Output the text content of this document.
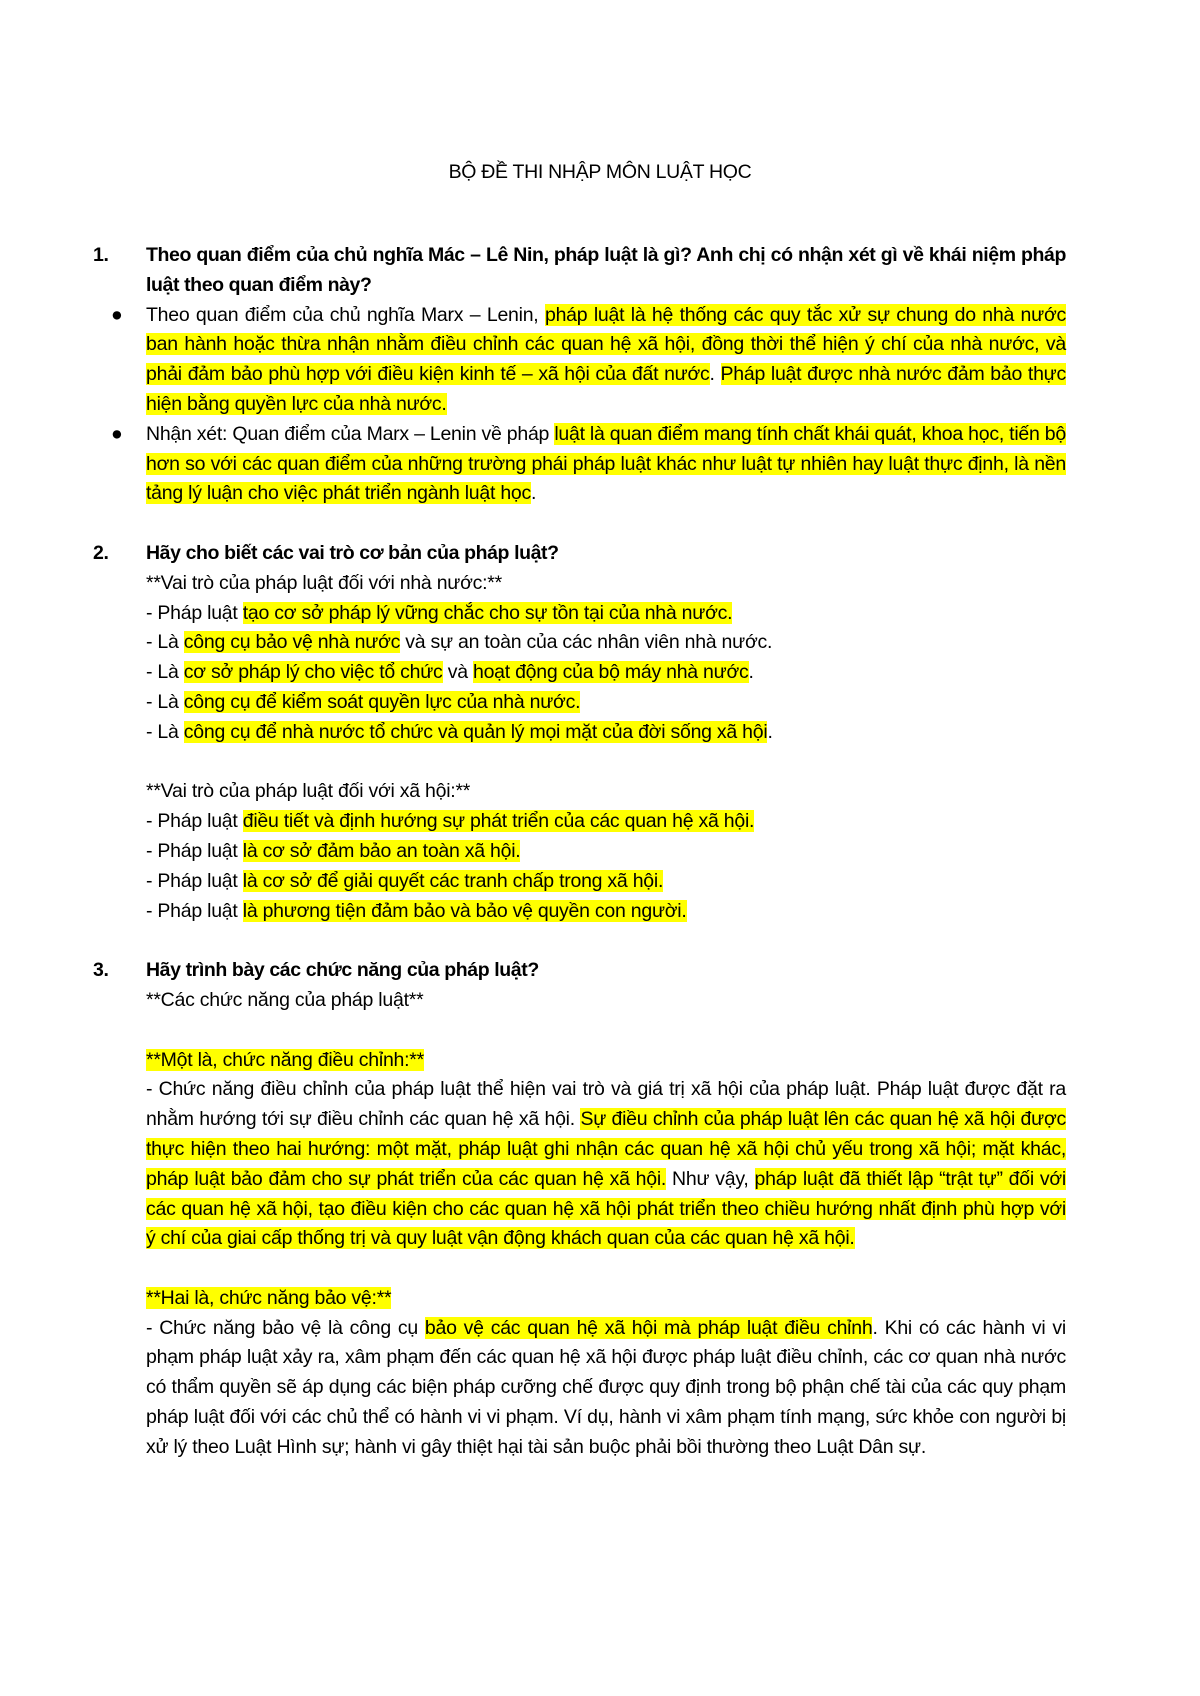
BỘ ĐỀ THI NHẬP MÔN LUẬT HỌC
1. Theo quan điểm của chủ nghĩa Mác – Lê Nin, pháp luật là gì? Anh chị có nhận xét gì về khái niệm pháp luật theo quan điểm này?
● Theo quan điểm của chủ nghĩa Marx – Lenin, pháp luật là hệ thống các quy tắc xử sự chung do nhà nước ban hành hoặc thừa nhận nhằm điều chỉnh các quan hệ xã hội, đồng thời thể hiện ý chí của nhà nước, và phải đảm bảo phù hợp với điều kiện kinh tế – xã hội của đất nước. Pháp luật được nhà nước đảm bảo thực hiện bằng quyền lực của nhà nước.
● Nhận xét: Quan điểm của Marx – Lenin về pháp luật là quan điểm mang tính chất khái quát, khoa học, tiến bộ hơn so với các quan điểm của những trường phái pháp luật khác như luật tự nhiên hay luật thực định, là nền tảng lý luận cho việc phát triển ngành luật học.
2. Hãy cho biết các vai trò cơ bản của pháp luật?
**Vai trò của pháp luật đối với nhà nước:**
- Pháp luật tạo cơ sở pháp lý vững chắc cho sự tồn tại của nhà nước.
- Là công cụ bảo vệ nhà nước và sự an toàn của các nhân viên nhà nước.
- Là cơ sở pháp lý cho việc tổ chức và hoạt động của bộ máy nhà nước.
- Là công cụ để kiểm soát quyền lực của nhà nước.
- Là công cụ để nhà nước tổ chức và quản lý mọi mặt của đời sống xã hội.
**Vai trò của pháp luật đối với xã hội:**
- Pháp luật điều tiết và định hướng sự phát triển của các quan hệ xã hội.
- Pháp luật là cơ sở đảm bảo an toàn xã hội.
- Pháp luật là cơ sở để giải quyết các tranh chấp trong xã hội.
- Pháp luật là phương tiện đảm bảo và bảo vệ quyền con người.
3. Hãy trình bày các chức năng của pháp luật?
**Các chức năng của pháp luật**
**Một là, chức năng điều chỉnh:**
- Chức năng điều chỉnh của pháp luật thể hiện vai trò và giá trị xã hội của pháp luật. Pháp luật được đặt ra nhằm hướng tới sự điều chỉnh các quan hệ xã hội. Sự điều chỉnh của pháp luật lên các quan hệ xã hội được thực hiện theo hai hướng: một mặt, pháp luật ghi nhận các quan hệ xã hội chủ yếu trong xã hội; mặt khác, pháp luật bảo đảm cho sự phát triển của các quan hệ xã hội. Như vậy, pháp luật đã thiết lập “trật tự” đối với các quan hệ xã hội, tạo điều kiện cho các quan hệ xã hội phát triển theo chiều hướng nhất định phù hợp với ý chí của giai cấp thống trị và quy luật vận động khách quan của các quan hệ xã hội.
**Hai là, chức năng bảo vệ:**
- Chức năng bảo vệ là công cụ bảo vệ các quan hệ xã hội mà pháp luật điều chỉnh. Khi có các hành vi vi phạm pháp luật xảy ra, xâm phạm đến các quan hệ xã hội được pháp luật điều chỉnh, các cơ quan nhà nước có thẩm quyền sẽ áp dụng các biện pháp cưỡng chế được quy định trong bộ phận chế tài của các quy phạm pháp luật đối với các chủ thể có hành vi vi phạm. Ví dụ, hành vi xâm phạm tính mạng, sức khỏe con người bị xử lý theo Luật Hình sự; hành vi gây thiệt hại tài sản buộc phải bồi thường theo Luật Dân sự.
